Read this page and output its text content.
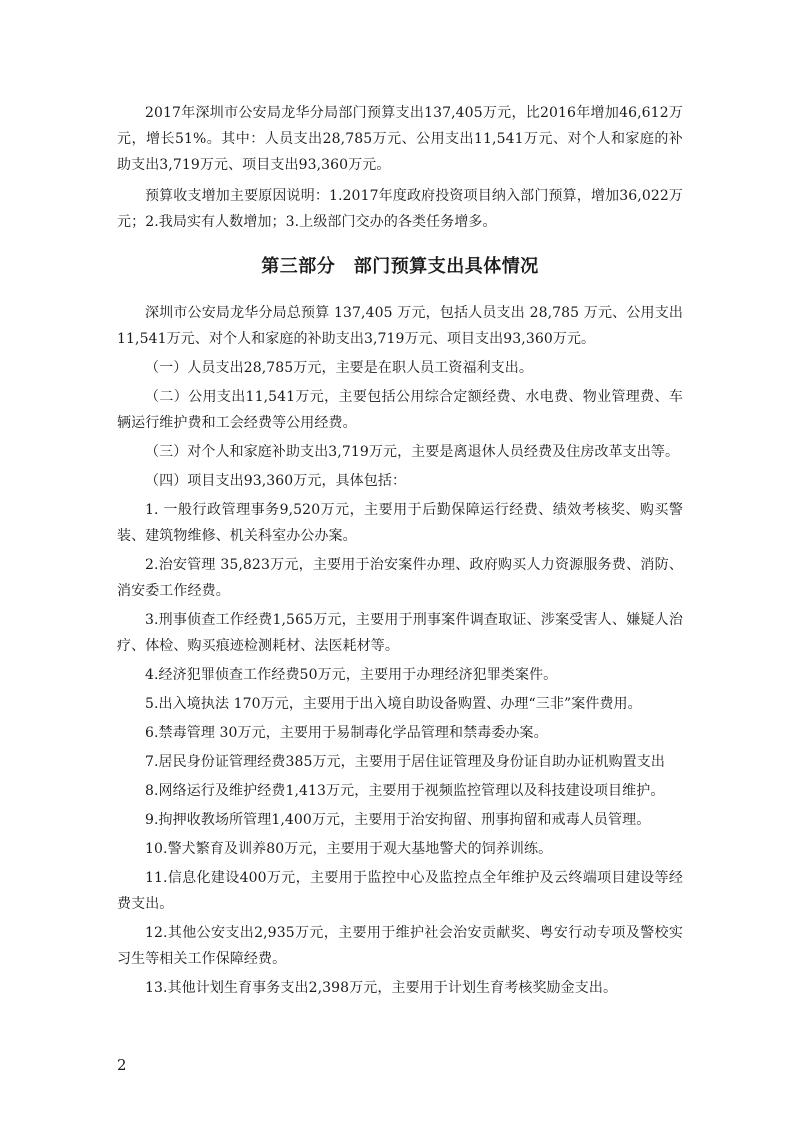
2017年深圳市公安局龙华分局部门预算支出137,405万元，比2016年增加46,612万元，增长51%。其中：人员支出28,785万元、公用支出11,541万元、对个人和家庭的补助支出3,719万元、项目支出93,360万元。

预算收支增加主要原因说明：1.2017年度政府投资项目纳入部门预算，增加36,022万元；2.我局实有人数增加；3.上级部门交办的各类任务增多。

第三部分　部门预算支出具体情况

深圳市公安局龙华分局总预算 137,405 万元，包括人员支出 28,785 万元、公用支出11,541万元、对个人和家庭的补助支出3,719万元、项目支出93,360万元。

（一）人员支出28,785万元，主要是在职人员工资福利支出。

（二）公用支出11,541万元，主要包括公用综合定额经费、水电费、物业管理费、车辆运行维护费和工会经费等公用经费。

（三）对个人和家庭补助支出3,719万元，主要是离退休人员经费及住房改革支出等。

（四）项目支出93,360万元，具体包括：

1. 一般行政管理事务9,520万元，主要用于后勤保障运行经费、绩效考核奖、购买警装、建筑物维修、机关科室办公办案。

2.治安管理 35,823万元，主要用于治安案件办理、政府购买人力资源服务费、消防、消安委工作经费。

3.刑事侦查工作经费1,565万元，主要用于刑事案件调查取证、涉案受害人、嫌疑人治疗、体检、购买痕迹检测耗材、法医耗材等。

4.经济犯罪侦查工作经费50万元，主要用于办理经济犯罪类案件。

5.出入境执法 170万元，主要用于出入境自助设备购置、办理“三非”案件费用。

6.禁毒管理 30万元，主要用于易制毒化学品管理和禁毒委办案。

7.居民身份证管理经费385万元，主要用于居住证管理及身份证自助办证机购置支出

8.网络运行及维护经费1,413万元，主要用于视频监控管理以及科技建设项目维护。

9.拘押收教场所管理1,400万元，主要用于治安拘留、刑事拘留和戒毒人员管理。

10.警犬繁育及训养80万元，主要用于观大基地警犬的饲养训练。

11.信息化建设400万元，主要用于监控中心及监控点全年维护及云终端项目建设等经费支出。

12.其他公安支出2,935万元，主要用于维护社会治安贡献奖、粤安行动专项及警校实习生等相关工作保障经费。

13.其他计划生育事务支出2,398万元，主要用于计划生育考核奖励金支出。

2
